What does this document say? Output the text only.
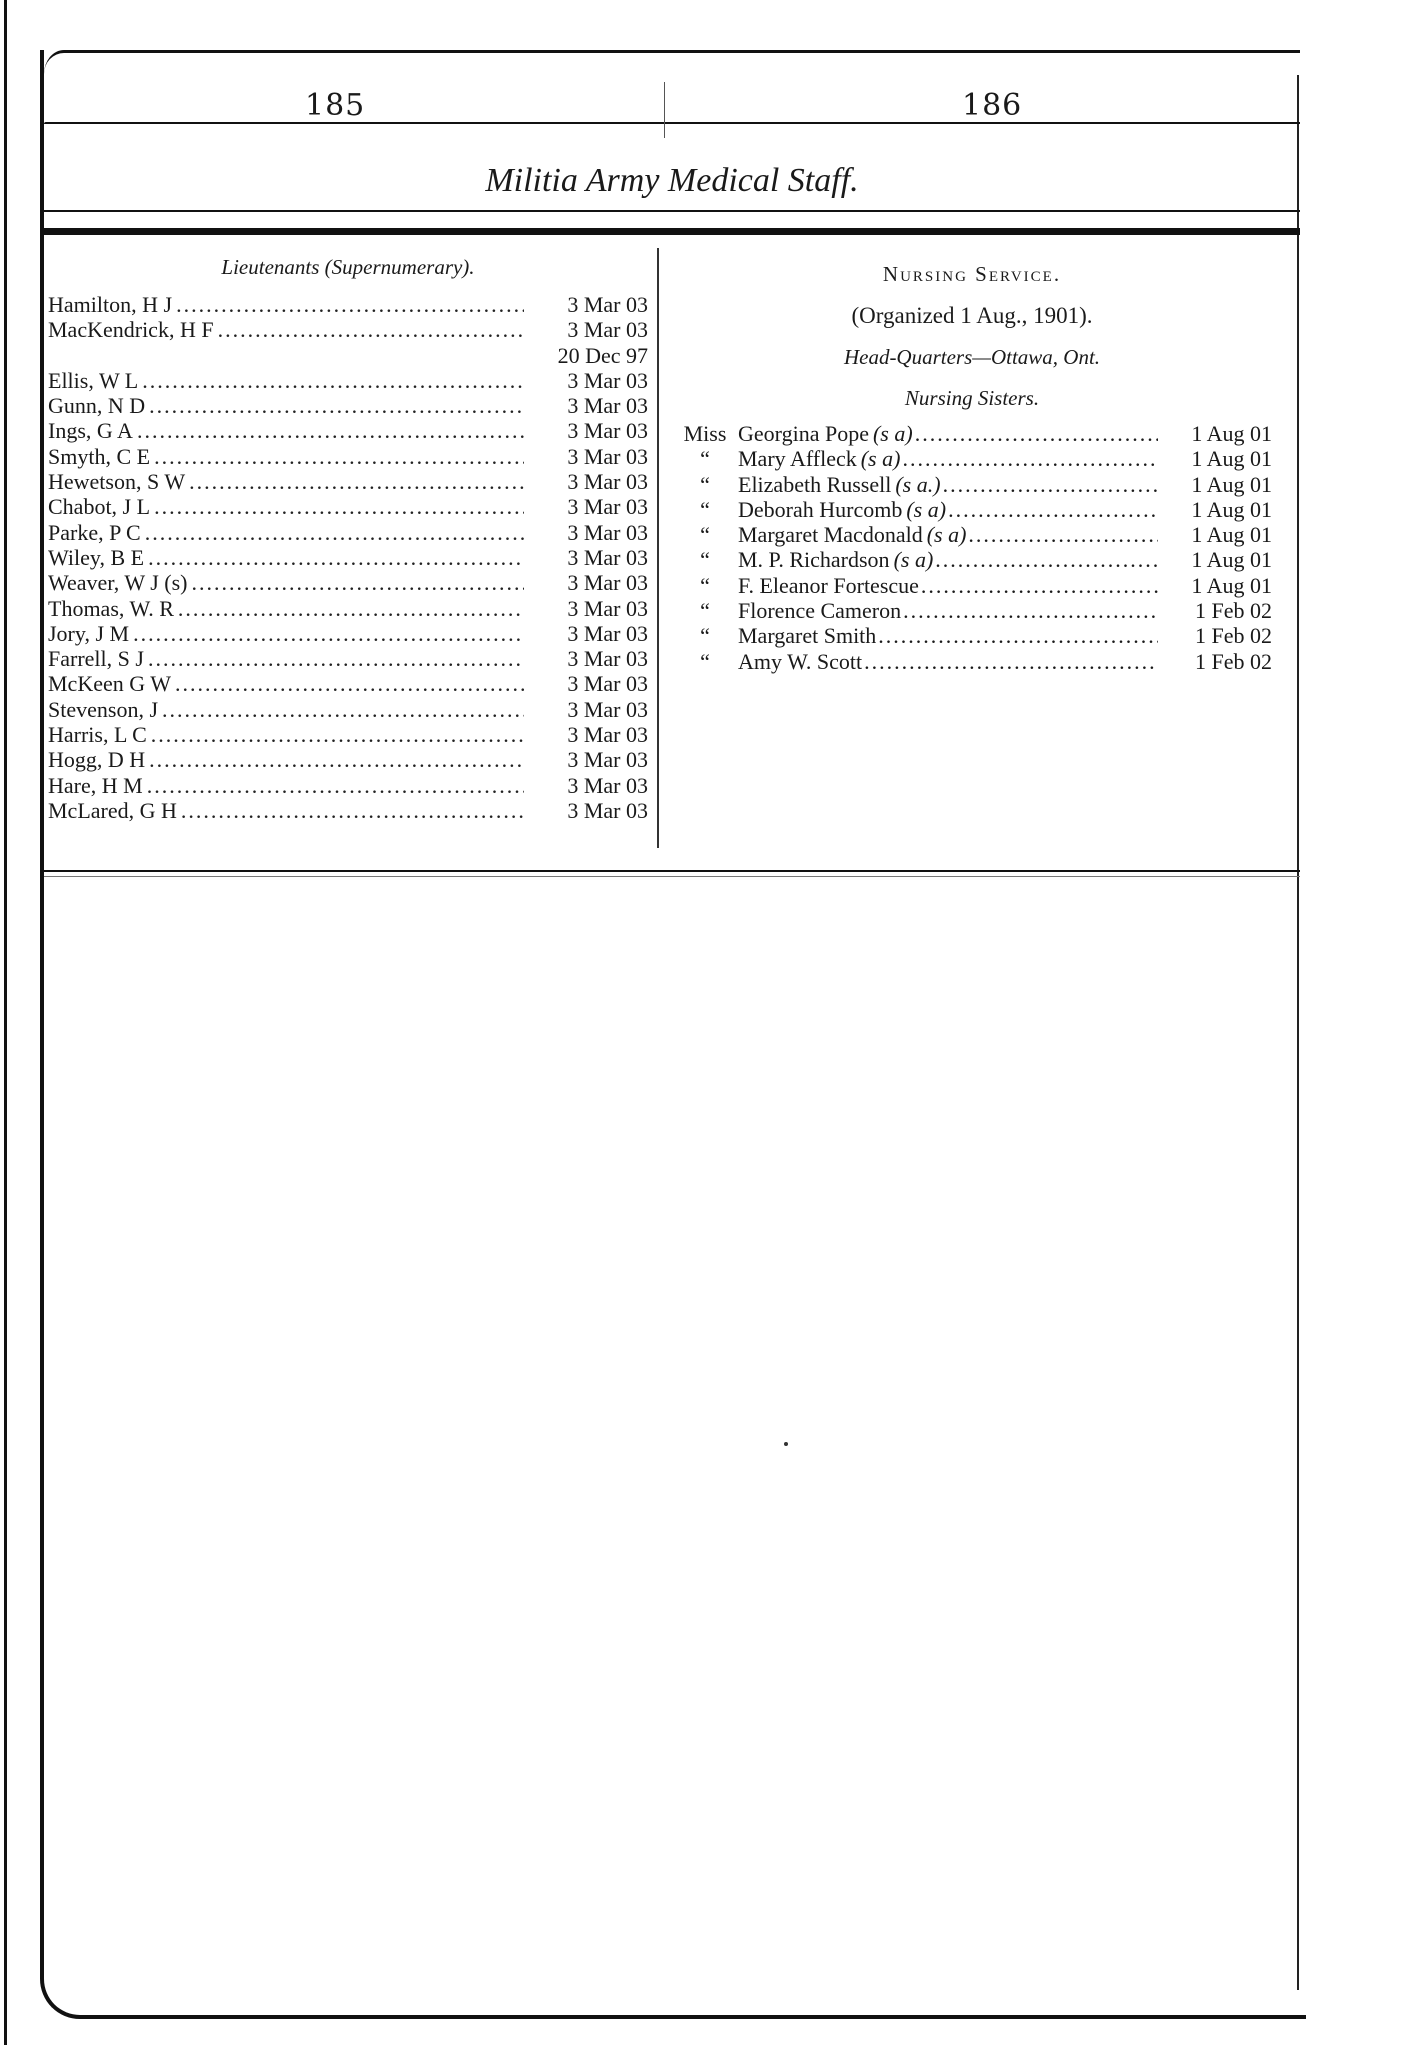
185	186
Militia Army Medical Staff.
Lieutenants (Supernumerary).
Hamilton, H J .....	3 Mar 03
MacKendrick, H F .....	3 Mar 03
20 Dec 97
Ellis, W L .....	3 Mar 03
Gunn, N D .....	3 Mar 03
Ings, G A .....	3 Mar 03
Smyth, C E .....	3 Mar 03
Hewetson, S W .....	3 Mar 03
Chabot, J L .....	3 Mar 03
Parke, P C .....	3 Mar 03
Wiley, B E .....	3 Mar 03
Weaver, W J (s) .....	3 Mar 03
Thomas, W. R .....	3 Mar 03
Jory, J M .....	3 Mar 03
Farrell, S J .....	3 Mar 03
McKeen G W .....	3 Mar 03
Stevenson, J .....	3 Mar 03
Harris, L C .....	3 Mar 03
Hogg, D H .....	3 Mar 03
Hare, H M .....	3 Mar 03
McLared, G H .....	3 Mar 03
Nursing Service.
(Organized 1 Aug., 1901).
Head-Quarters—Ottawa, Ont.
Nursing Sisters.
Miss Georgina Pope (s a) .....	1 Aug 01
“	Mary Affleck (s a) .....	1 Aug 01
“	Elizabeth Russell (s a.) .....	1 Aug 01
“	Deborah Hurcomb (s a) .....	1 Aug 01
“	Margaret Macdonald (s a) .....	1 Aug 01
“	M. P. Richardson (s a) .....	1 Aug 01
“	F. Eleanor Fortescue .....	1 Aug 01
“	Florence Cameron .....	1 Feb 02
“	Margaret Smith .....	1 Feb 02
“	Amy W. Scott .....	1 Feb 02
